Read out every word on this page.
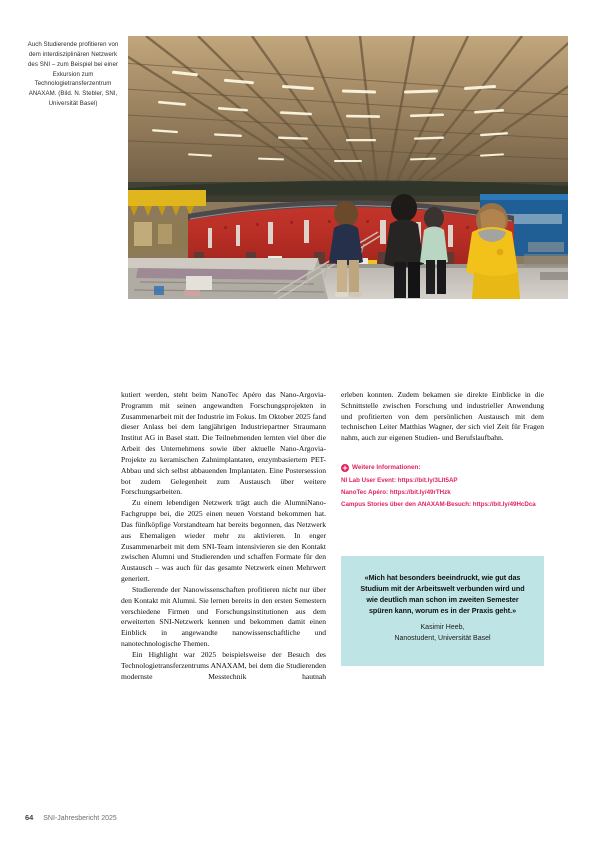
Auch Studierende profitieren von dem interdisziplinären Netzwerk des SNI – zum Beispiel bei einer Exkursion zum Technologietransferzentrum ANAXAM. (Bild. N. Stebler, SNI, Universität Basel)

kutiert werden, steht beim NanoTec Apéro das Nano-Argovia-Programm mit seinen angewandten Forschungsprojekten in Zusammenarbeit mit der Industrie im Fokus. Im Oktober 2025 fand dieser Anlass bei dem langjährigen Industriepartner Straumann Institut AG in Basel statt. Die Teilnehmenden lernten viel über die Arbeit des Unternehmens sowie über aktuelle Nano-Argovia-Projekte zu keramischen Zahnimplantaten, enzymbasiertem PET-Abbau und sich selbst abbauenden Implantaten. Eine Postersession bot zudem Gelegenheit zum Austausch über weitere Forschungsarbeiten.

Zu einem lebendigen Netzwerk trägt auch die AlumniNano-Fachgruppe bei, die 2025 einen neuen Vorstand bekommen hat. Das fünfköpfige Vorstandteam hat bereits begonnen, das Netzwerk aus Ehemaligen wieder mehr zu aktivieren. In enger Zusammenarbeit mit dem SNI-Team intensivieren sie den Kontakt zwischen Alumni und Studierenden und schaffen Formate für den Austausch – was auch für das gesamte Netzwerk einen Mehrwert generiert.

Studierende der Nanowissenschaften profitieren nicht nur über den Kontakt mit Alumni. Sie lernen bereits in den ersten Semestern verschiedene Firmen und Forschungsinstitutionen aus dem erweiterten SNI-Netzwerk kennen und bekommen damit einen Einblick in angewandte nanowissenschaftliche und nanotechnologische Themen.

Ein Highlight war 2025 beispielsweise der Besuch des Technologietransferzentrums ANAXAM, bei dem die Studierenden modernste Messtechnik hautnah

erleben konnten. Zudem bekamen sie direkte Einblicke in die Schnittstelle zwischen Forschung und industrieller Anwendung und profitierten von dem persönlichen Austausch mit dem technischen Leiter Matthias Wagner, der sich viel Zeit für Fragen nahm, auch zur eigenen Studien- und Berufslaufbahn.

Weitere Informationen:
NI Lab User Event: https://bit.ly/3LIt5AP
NanoTec Apéro: https://bit.ly/49rTHzk
Campus Stories über den ANAXAM-Besuch: https://bit.ly/49HcDca

«Mich hat besonders beeindruckt, wie gut das Studium mit der Arbeitswelt verbunden wird und wie deutlich man schon im zweiten Semester spüren kann, worum es in der Praxis geht.»

Kasimir Heeb,

Nanostudent, Universität Basel

64 SNI-Jahresbericht 2025
